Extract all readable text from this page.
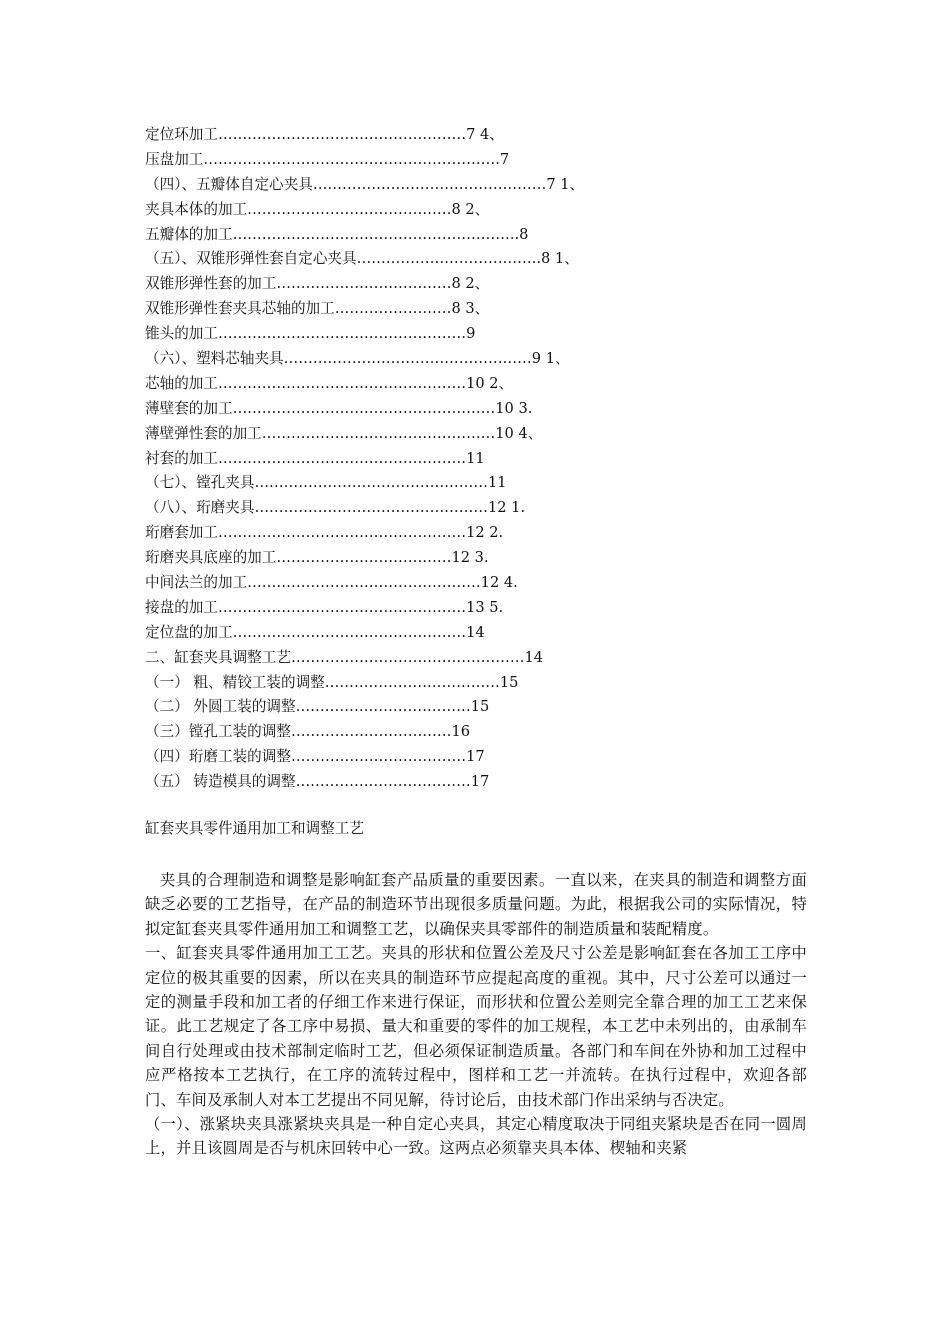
定位环加工……………………………………………7 4、
压盘加工…………………………………………………….7
（四）、五瓣体自定心夹具…………………………………………7 1、
夹具本体的加工……………………………………8 2、
五瓣体的加工…………………………………………………..8
（五）、双锥形弹性套自定心夹具………………………………..8 1、
双锥形弹性套的加工………………………………8 2、
双锥形弹性套夹具芯轴的加工……………………8 3、
锥头的加工……………………………………………9
（六）、塑料芯轴夹具……………………………………………9 1、
芯轴的加工……………………………………………10 2、
薄壁套的加工………………………………………………10 3.
薄壁弹性套的加工…………………………………………10 4、
衬套的加工……………………………………………11
（七）、镗孔夹具…………………………………………11
（八）、珩磨夹具…………………………………………12 1.
珩磨套加工……………………………………………12 2.
珩磨夹具底座的加工………………………………12 3.
中间法兰的加工…………………………………………12 4.
接盘的加工……………………………………………13 5.
定位盘的加工…………………………………………14
二、缸套夹具调整工艺…………………………………………14
（一） 粗、精铰工装的调整………………………………15
（二） 外圆工装的调整………………………………15
（三）镗孔工装的调整……………………………16
（四）珩磨工装的调整………………………………17
（五） 铸造模具的调整………………………………17
缸套夹具零件通用加工和调整工艺

夹具的合理制造和调整是影响缸套产品质量的重要因素。一直以来，在夹具的制造和调整方面缺乏必要的工艺指导，在产品的制造环节出现很多质量问题。为此，根据我公司的实际情况，特拟定缸套夹具零件通用加工和调整工艺，以确保夹具零部件的制造质量和装配精度。

一、缸套夹具零件通用加工工艺。夹具的形状和位置公差及尺寸公差是影响缸套在各加工工序中定位的极其重要的因素，所以在夹具的制造环节应提起高度的重视。其中，尺寸公差可以通过一定的测量手段和加工者的仔细工作来进行保证，而形状和位置公差则完全靠合理的加工工艺来保证。此工艺规定了各工序中易损、量大和重要的零件的加工规程，本工艺中未列出的，由承制车间自行处理或由技术部制定临时工艺，但必须保证制造质量。各部门和车间在外协和加工过程中应严格按本工艺执行，在工序的流转过程中，图样和工艺一并流转。在执行过程中，欢迎各部门、车间及承制人对本工艺提出不同见解，待讨论后，由技术部门作出采纳与否决定。

（一）、涨紧块夹具涨紧块夹具是一种自定心夹具，其定心精度取决于同组夹紧块是否在同一圆周上，并且该圆周是否与机床回转中心一致。这两点必须靠夹具本体、楔轴和夹紧
